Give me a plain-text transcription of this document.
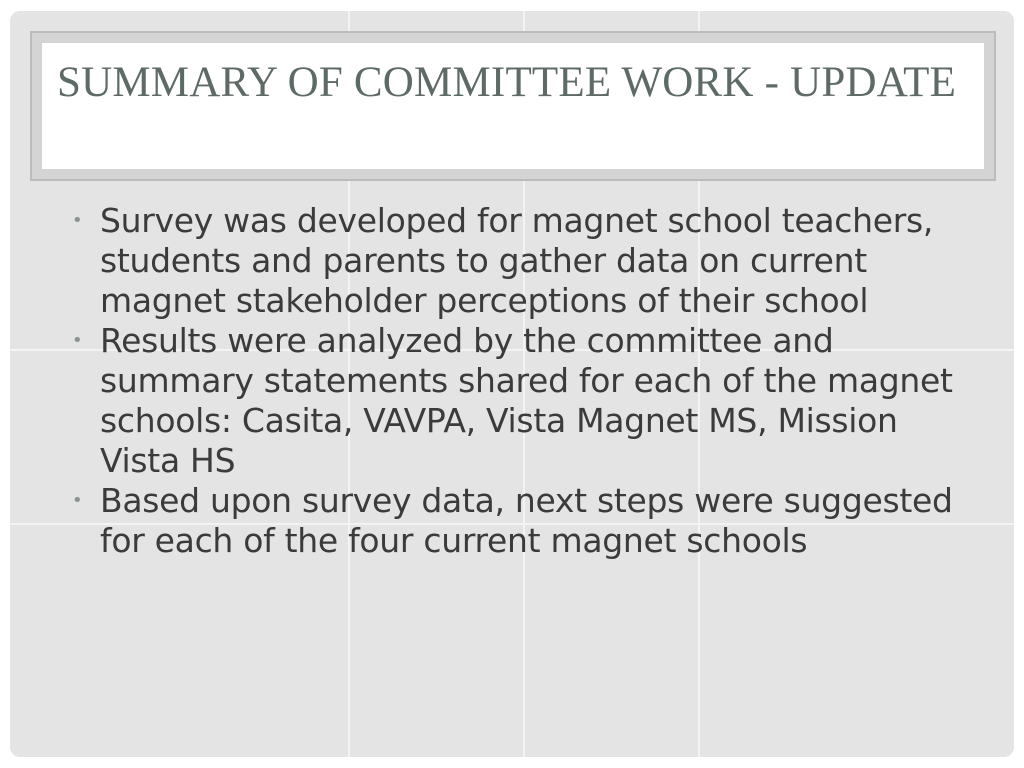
SUMMARY OF COMMITTEE WORK - UPDATE
• Survey was developed for magnet school teachers, students and parents to gather data on current magnet stakeholder perceptions of their school
• Results were analyzed by the committee and summary statements shared for each of the magnet schools: Casita, VAVPA, Vista Magnet MS, Mission Vista HS
• Based upon survey data, next steps were suggested for each of the four current magnet schools
